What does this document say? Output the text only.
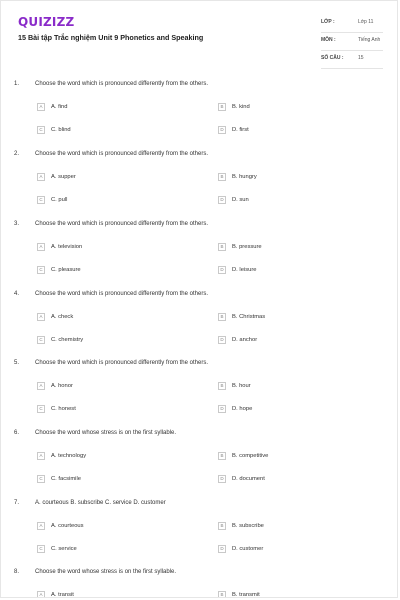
QUIZIZZ
15 Bài tập Trắc nghiệm Unit 9 Phonetics and Speaking
LỚP :	Lớp 11
MÔN :	Tiếng Anh
SỐ CÂU :	15
1.	Choose the word which is pronounced differently from the others.
A	A. find	B	B. kind
C	C. blind	D	D. first
2.	Choose the word which is pronounced differently from the others.
A	A. supper	B	B. hungry
C	C. pull	D	D. sun
3.	Choose the word which is pronounced differently from the others.
A	A. television	B	B. pressure
C	C. pleasure	D	D. leisure
4.	Choose the word which is pronounced differently from the others.
A	A. check	B	B. Christmas
C	C. chemistry	D	D. anchor
5.	Choose the word which is pronounced differently from the others.
A	A. honor	B	B. hour
C	C. honest	D	D. hope
6.	Choose the word whose stress is on the first syllable.
A	A. technology	B	B. competitive
C	C. facsimile	D	D. document
7.	A. courteous B. subscribe C. service D. customer
A	A. courteous	B	B. subscribe
C	C. service	D	D. customer
8.	Choose the word whose stress is on the first syllable.
A	A. transit	B	B. transmit
